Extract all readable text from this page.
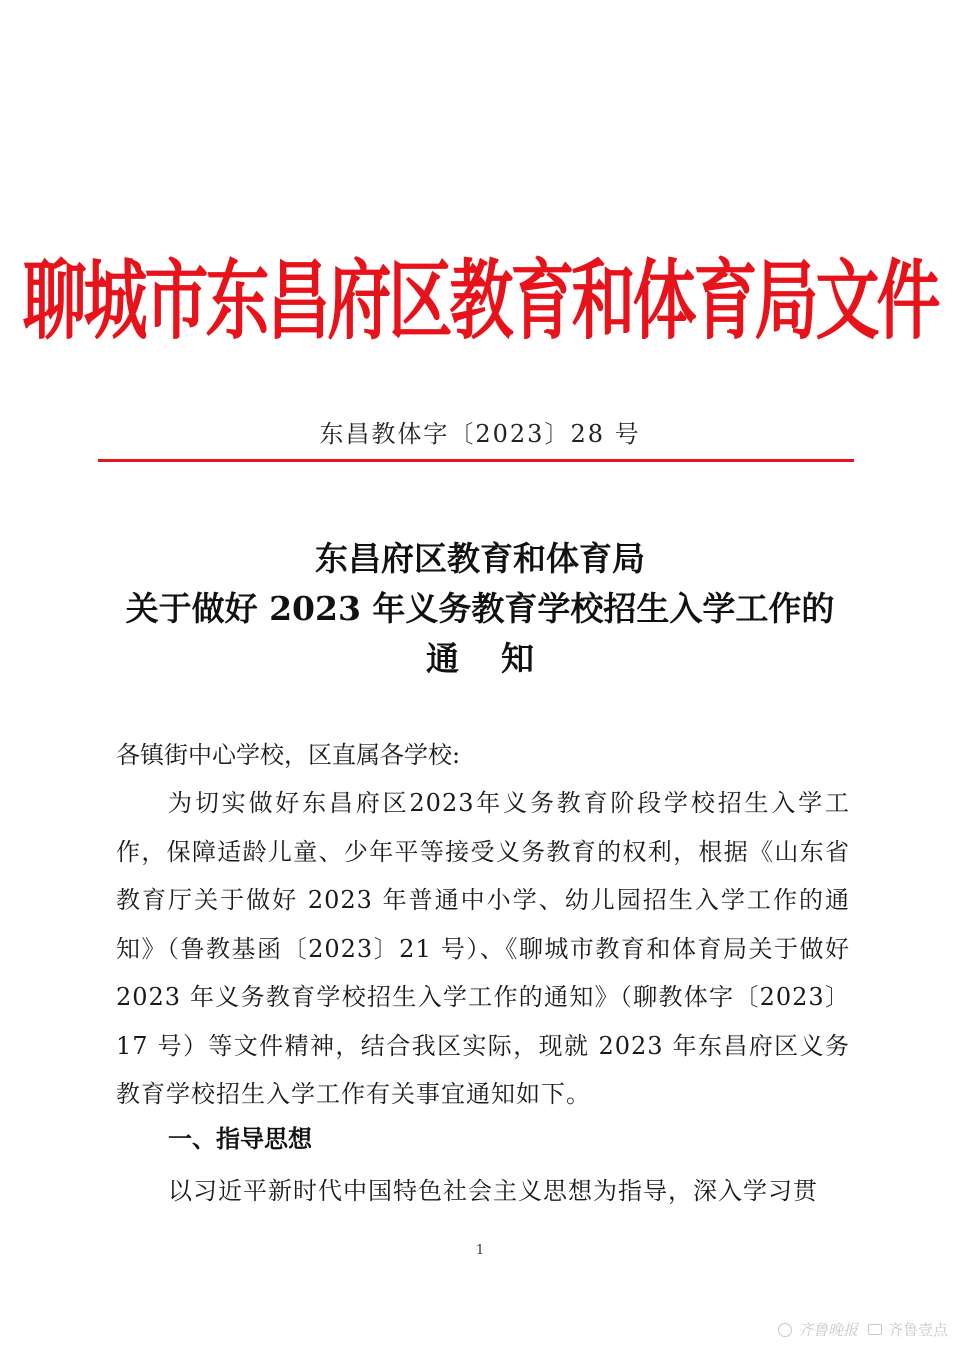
聊城市东昌府区教育和体育局文件
东昌教体字〔2023〕28 号
东昌府区教育和体育局
关于做好 2023 年义务教育学校招生入学工作的
通知
各镇街中心学校，区直属各学校:
为切实做好东昌府区2023年义务教育阶段学校招生入学工作，保障适龄儿童、少年平等接受义务教育的权利，根据《山东省教育厅关于做好 2023 年普通中小学、幼儿园招生入学工作的通知》（鲁教基函〔2023〕21 号）、《聊城市教育和体育局关于做好 2023 年义务教育学校招生入学工作的通知》（聊教体字〔2023〕17 号）等文件精神，结合我区实际，现就 2023 年东昌府区义务教育学校招生入学工作有关事宜通知如下。
一、指导思想
以习近平新时代中国特色社会主义思想为指导，深入学习贯
1
齐鲁晚报 齐鲁壹点
